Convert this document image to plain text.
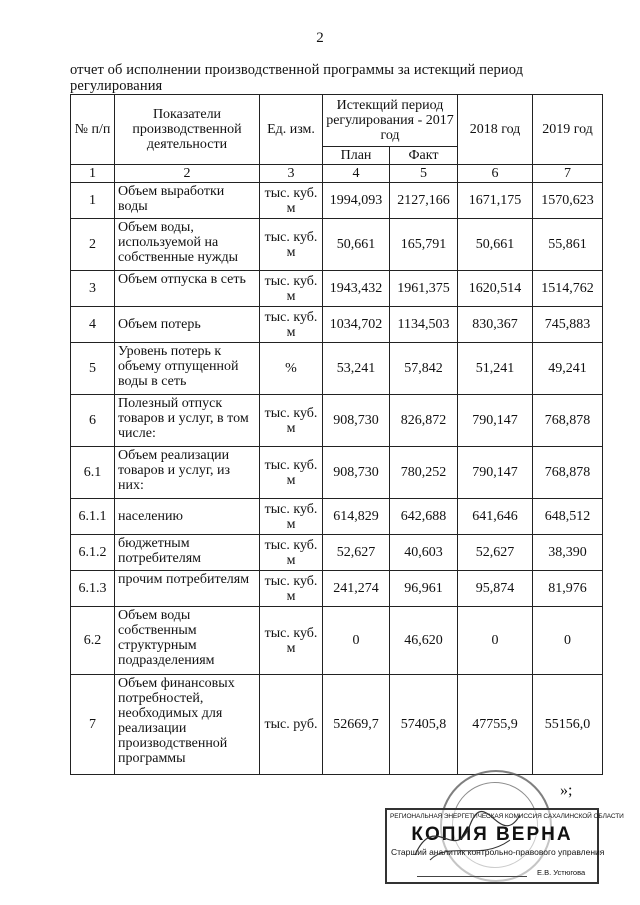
2
отчет об исполнении производственной программы за истекщий период регулирования
№ п/п	Показатели производственной деятельности	Ед. изм.	Истекщий период регулирования - 2017 год		2018 год	2019 год
			План	Факт		
1	2	3	4	5	6	7
1	Объем выработки воды	тыс. куб. м	1994,093	2127,166	1671,175	1570,623
2	Объем воды, используемой на собственные нужды	тыс. куб. м	50,661	165,791	50,661	55,861
3	Объем отпуска в сеть	тыс. куб. м	1943,432	1961,375	1620,514	1514,762
4	Объем потерь	тыс. куб. м	1034,702	1134,503	830,367	745,883
5	Уровень потерь к объему отпущенной воды в сеть	%	53,241	57,842	51,241	49,241
6	Полезный отпуск товаров и услуг, в том числе:	тыс. куб. м	908,730	826,872	790,147	768,878
6.1	Объем реализации товаров и услуг, из них:	тыс. куб. м	908,730	780,252	790,147	768,878
6.1.1	населению	тыс. куб. м	614,829	642,688	641,646	648,512
6.1.2	бюджетным потребителям	тыс. куб. м	52,627	40,603	52,627	38,390
6.1.3	прочим потребителям	тыс. куб. м	241,274	96,961	95,874	81,976
6.2	Объем воды собственным структурным подразделениям	тыс. куб. м	0	46,620	0	0
7	Объем финансовых потребностей, необходимых для реализации производственной программы	тыс. руб.	52669,7	57405,8	47755,9	55156,0
»;
РЕГИОНАЛЬНАЯ ЭНЕРГЕТИЧЕСКАЯ КОМИССИЯ САХАЛИНСКОЙ ОБЛАСТИ
КОПИЯ ВЕРНА
Старший аналитик контрольно-правового управления
Е.В. Устюгова
